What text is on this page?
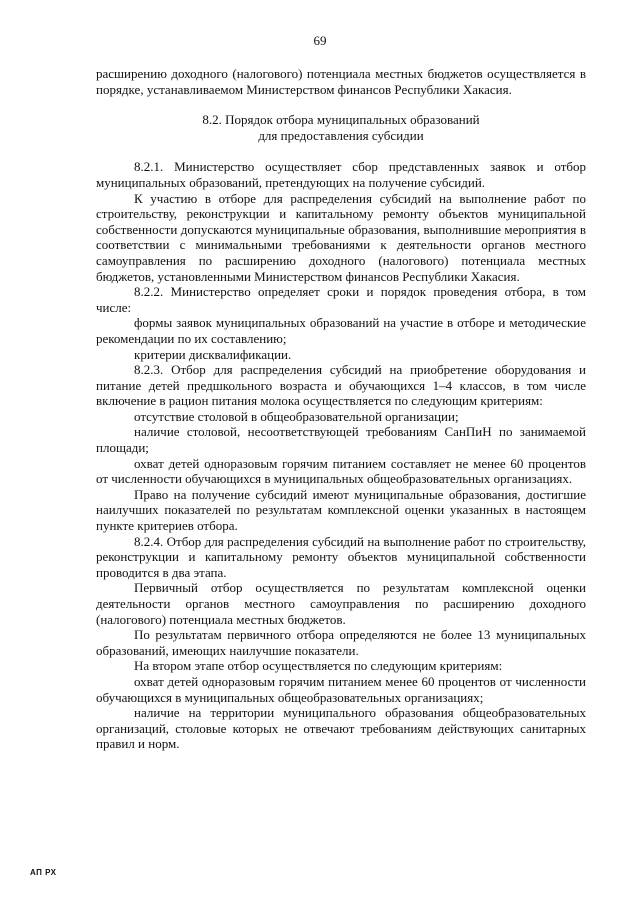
69

расширению доходного (налогового) потенциала местных бюджетов осуществляется в порядке, устанавливаемом Министерством финансов Республики Хакасия.

8.2. Порядок отбора муниципальных образований
для предоставления субсидии

8.2.1. Министерство осуществляет сбор представленных заявок и отбор муниципальных образований, претендующих на получение субсидий.

К участию в отборе для распределения субсидий на выполнение работ по строительству, реконструкции и капитальному ремонту объектов муниципальной собственности допускаются муниципальные образования, выполнившие мероприятия в соответствии с минимальными требованиями к деятельности органов местного самоуправления по расширению доходного (налогового) потенциала местных бюджетов, установленными Министерством финансов Республики Хакасия.

8.2.2. Министерство определяет сроки и порядок проведения отбора, в том числе:

формы заявок муниципальных образований на участие в отборе и методические рекомендации по их составлению;

критерии дисквалификации.

8.2.3. Отбор для распределения субсидий на приобретение оборудования и питание детей предшкольного возраста и обучающихся 1–4 классов, в том числе включение в рацион питания молока осуществляется по следующим критериям:

отсутствие столовой в общеобразовательной организации;

наличие столовой, несоответствующей требованиям СанПиН по занимаемой площади;

охват детей одноразовым горячим питанием составляет не менее 60 процентов от численности обучающихся в муниципальных общеобразовательных организациях.

Право на получение субсидий имеют муниципальные образования, достигшие наилучших показателей по результатам комплексной оценки указанных в настоящем пункте критериев отбора.

8.2.4. Отбор для распределения субсидий на выполнение работ по строительству, реконструкции и капитальному ремонту объектов муниципальной собственности проводится в два этапа.

Первичный отбор осуществляется по результатам комплексной оценки деятельности органов местного самоуправления по расширению доходного (налогового) потенциала местных бюджетов.

По результатам первичного отбора определяются не более 13 муниципальных образований, имеющих наилучшие показатели.

На втором этапе отбор осуществляется по следующим критериям:

охват детей одноразовым горячим питанием менее 60 процентов от численности обучающихся в муниципальных общеобразовательных организациях;

наличие на территории муниципального образования общеобразовательных организаций, столовые которых не отвечают требованиям действующих санитарных правил и норм.

АП РХ
